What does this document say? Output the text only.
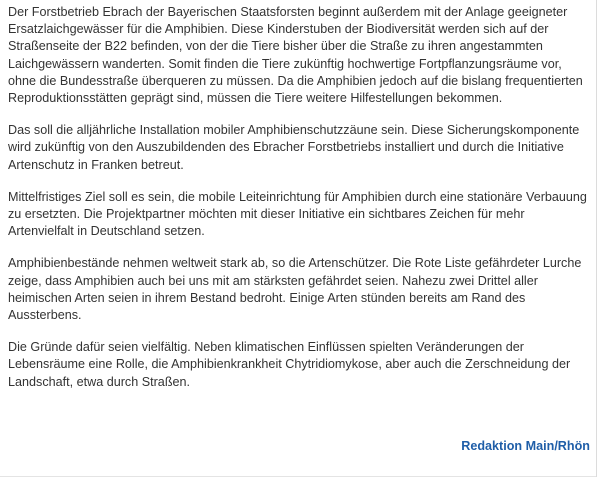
Der Forstbetrieb Ebrach der Bayerischen Staatsforsten beginnt außerdem mit der Anlage geeigneter Ersatzlaichgewässer für die Amphibien. Diese Kinderstuben der Biodiversität werden sich auf der Straßenseite der B22 befinden, von der die Tiere bisher über die Straße zu ihren angestammten Laichgewässern wanderten. Somit finden die Tiere zukünftig hochwertige Fortpflanzungsräume vor, ohne die Bundesstraße überqueren zu müssen. Da die Amphibien jedoch auf die bislang frequentierten Reproduktionsstätten geprägt sind, müssen die Tiere weitere Hilfestellungen bekommen.

Das soll die alljährliche Installation mobiler Amphibienschutzzäune sein. Diese Sicherungskomponente wird zukünftig von den Auszubildenden des Ebracher Forstbetriebs installiert und durch die Initiative Artenschutz in Franken betreut.

Mittelfristiges Ziel soll es sein, die mobile Leiteinrichtung für Amphibien durch eine stationäre Verbauung zu ersetzten. Die Projektpartner möchten mit dieser Initiative ein sichtbares Zeichen für mehr Artenvielfalt in Deutschland setzen.

Amphibienbestände nehmen weltweit stark ab, so die Artenschützer. Die Rote Liste gefährdeter Lurche zeige, dass Amphibien auch bei uns mit am stärksten gefährdet seien. Nahezu zwei Drittel aller heimischen Arten seien in ihrem Bestand bedroht. Einige Arten stünden bereits am Rand des Aussterbens.

Die Gründe dafür seien vielfältig. Neben klimatischen Einflüssen spielten Veränderungen der Lebensräume eine Rolle, die Amphibienkrankheit Chytridiomykose, aber auch die Zerschneidung der Landschaft, etwa durch Straßen.

Redaktion Main/Rhön
